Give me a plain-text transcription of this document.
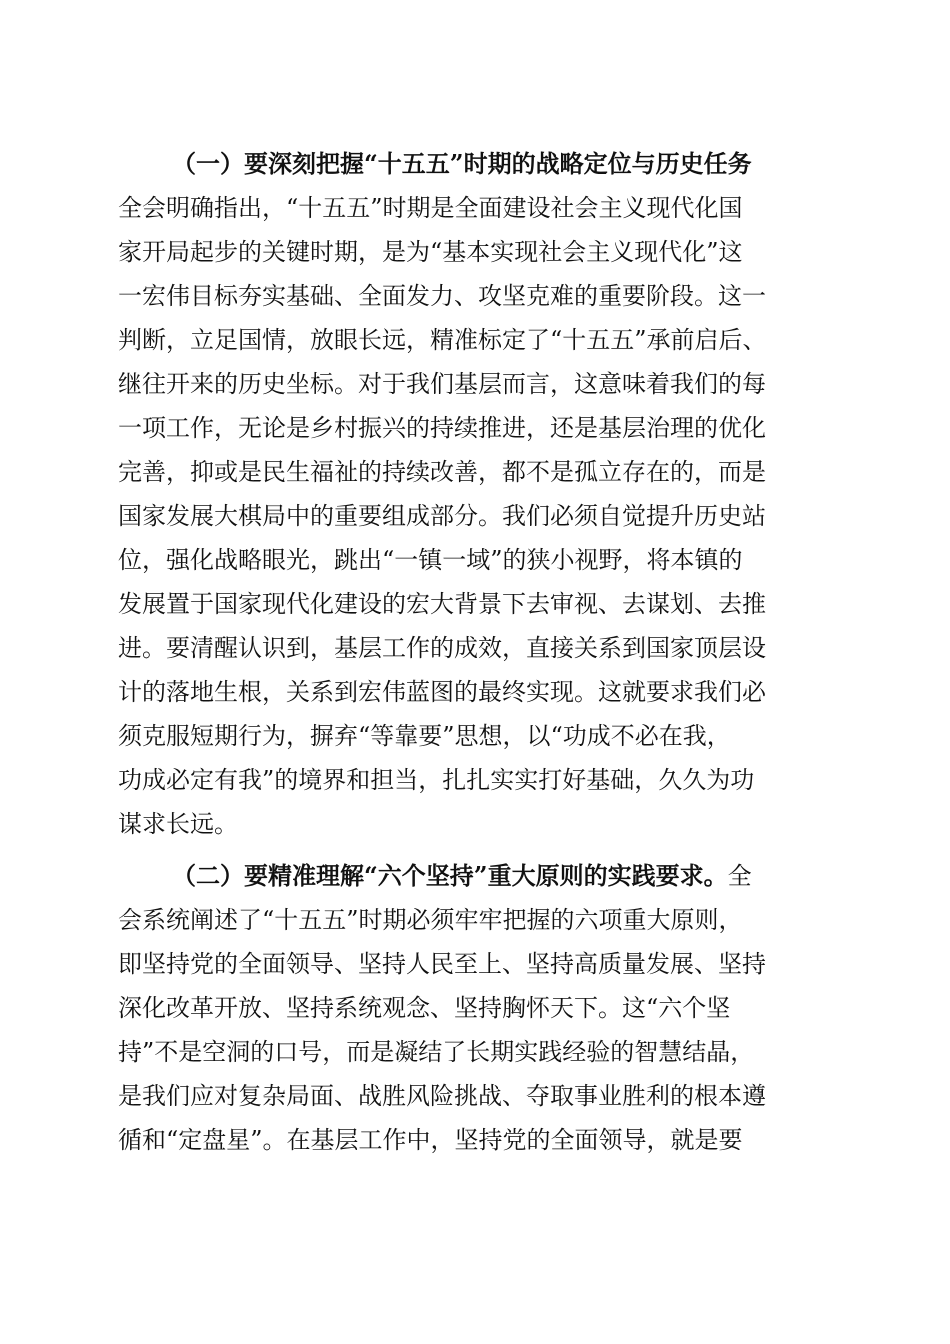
（一）要深刻把握“十五五”时期的战略定位与历史任务
全会明确指出，“十五五”时期是全面建设社会主义现代化国
家开局起步的关键时期，是为“基本实现社会主义现代化”这
一宏伟目标夯实基础、全面发力、攻坚克难的重要阶段。这一
判断，立足国情，放眼长远，精准标定了“十五五”承前启后、
继往开来的历史坐标。对于我们基层而言，这意味着我们的每
一项工作，无论是乡村振兴的持续推进，还是基层治理的优化
完善，抑或是民生福祉的持续改善，都不是孤立存在的，而是
国家发展大棋局中的重要组成部分。我们必须自觉提升历史站
位，强化战略眼光，跳出“一镇一域”的狭小视野，将本镇的
发展置于国家现代化建设的宏大背景下去审视、去谋划、去推
进。要清醒认识到，基层工作的成效，直接关系到国家顶层设
计的落地生根，关系到宏伟蓝图的最终实现。这就要求我们必
须克服短期行为，摒弃“等靠要”思想，以“功成不必在我，
功成必定有我”的境界和担当，扎扎实实打好基础，久久为功
谋求长远。
（二）要精准理解“六个坚持”重大原则的实践要求。全
会系统阐述了“十五五”时期必须牢牢把握的六项重大原则，
即坚持党的全面领导、坚持人民至上、坚持高质量发展、坚持
深化改革开放、坚持系统观念、坚持胸怀天下。这“六个坚
持”不是空洞的口号，而是凝结了长期实践经验的智慧结晶，
是我们应对复杂局面、战胜风险挑战、夺取事业胜利的根本遵
循和“定盘星”。在基层工作中，坚持党的全面领导，就是要
